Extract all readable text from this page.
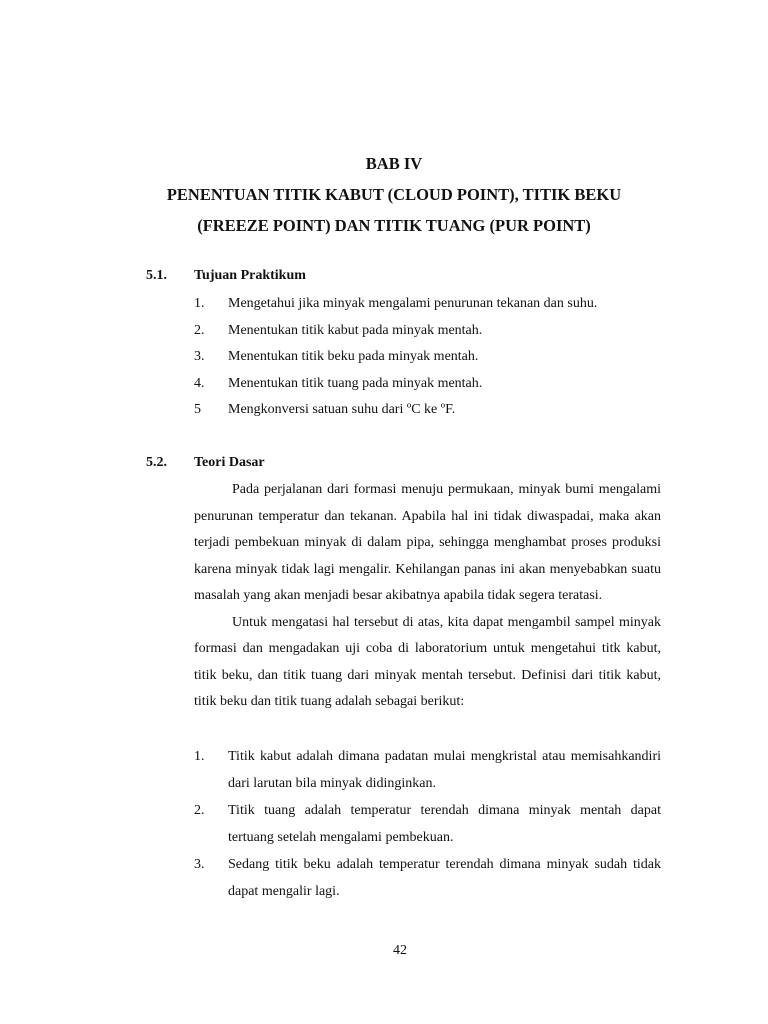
BAB IV
PENENTUAN TITIK KABUT (CLOUD POINT), TITIK BEKU
(FREEZE POINT) DAN TITIK TUANG (PUR POINT)
5.1. Tujuan Praktikum
1. Mengetahui jika minyak mengalami penurunan tekanan dan suhu.
2. Menentukan titik kabut pada minyak mentah.
3. Menentukan titik beku pada minyak mentah.
4. Menentukan titik tuang pada minyak mentah.
5 Mengkonversi satuan suhu dari ºC ke ºF.
5.2. Teori Dasar

Pada perjalanan dari formasi menuju permukaan, minyak bumi mengalami penurunan temperatur dan tekanan. Apabila hal ini tidak diwaspadai, maka akan terjadi pembekuan minyak di dalam pipa, sehingga menghambat proses produksi karena minyak tidak lagi mengalir. Kehilangan panas ini akan menyebabkan suatu masalah yang akan menjadi besar akibatnya apabila tidak segera teratasi.

Untuk mengatasi hal tersebut di atas, kita dapat mengambil sampel minyak formasi dan mengadakan uji coba di laboratorium untuk mengetahui titk kabut, titik beku, dan titik tuang dari minyak mentah tersebut. Definisi dari titik kabut, titik beku dan titik tuang adalah sebagai berikut:

1. Titik kabut adalah dimana padatan mulai mengkristal atau memisahkandiri dari larutan bila minyak didinginkan.
2. Titik tuang adalah temperatur terendah dimana minyak mentah dapat tertuang setelah mengalami pembekuan.
3. Sedang titik beku adalah temperatur terendah dimana minyak sudah tidak dapat mengalir lagi.
42
